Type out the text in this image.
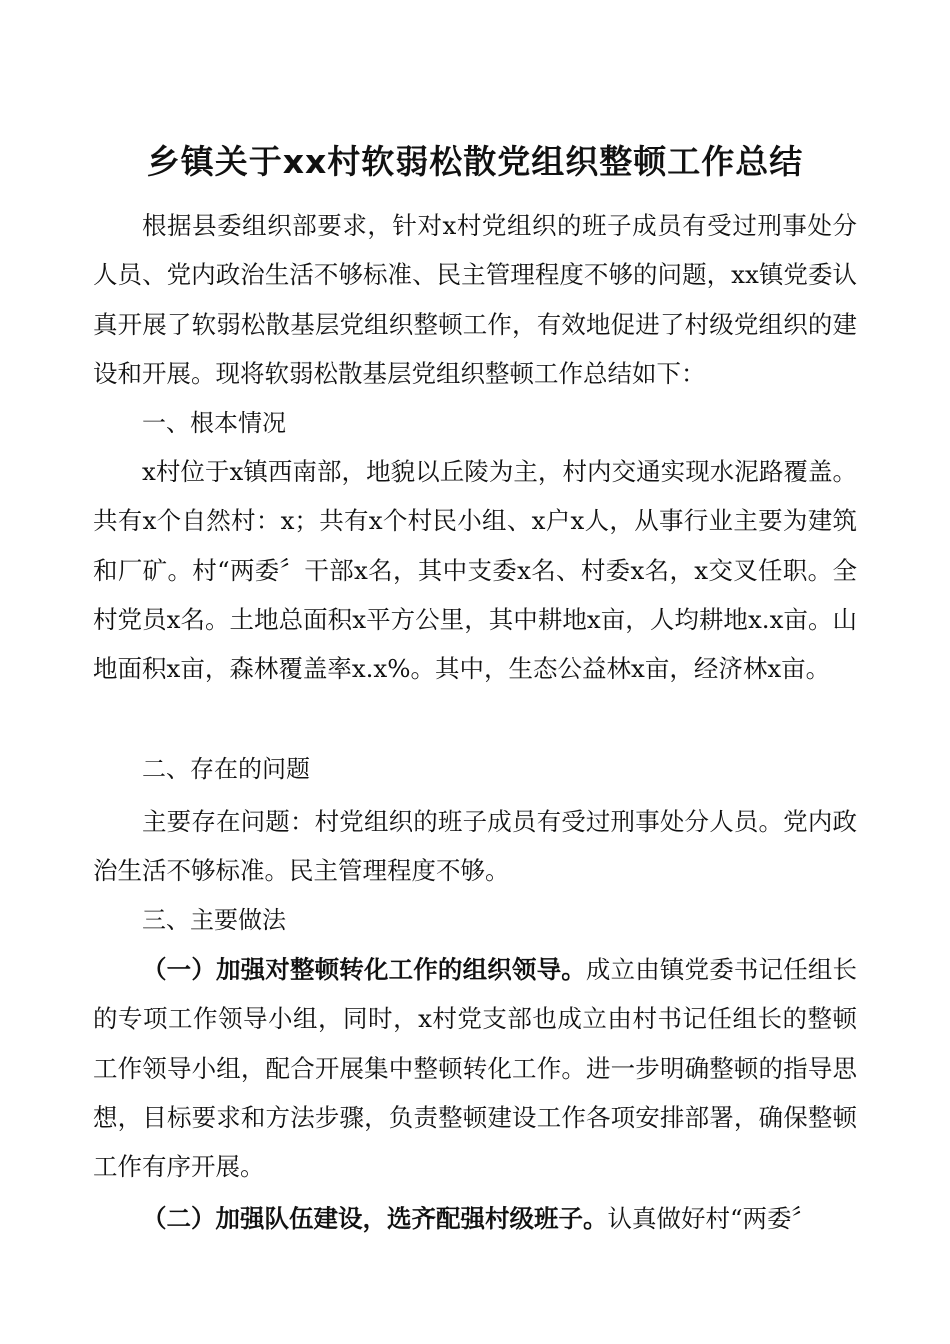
乡镇关于xx村软弱松散党组织整顿工作总结

根据县委组织部要求，针对x村党组织的班子成员有受过刑事处分人员、党内政治生活不够标准、民主管理程度不够的问题，xx镇党委认真开展了软弱松散基层党组织整顿工作，有效地促进了村级党组织的建设和开展。现将软弱松散基层党组织整顿工作总结如下：

一、根本情况

x村位于x镇西南部，地貌以丘陵为主，村内交通实现水泥路覆盖。共有x个自然村：x；共有x个村民小组、x户x人，从事行业主要为建筑和厂矿。村“两委〞干部x名，其中支委x名、村委x名，x交叉任职。全村党员x名。土地总面积x平方公里，其中耕地x亩，人均耕地x.x亩。山地面积x亩，森林覆盖率x.x%。其中，生态公益林x亩，经济林x亩。

二、存在的问题

主要存在问题：村党组织的班子成员有受过刑事处分人员。党内政治生活不够标准。民主管理程度不够。

三、主要做法

（一）加强对整顿转化工作的组织领导。成立由镇党委书记任组长的专项工作领导小组，同时，x村党支部也成立由村书记任组长的整顿工作领导小组，配合开展集中整顿转化工作。进一步明确整顿的指导思想，目标要求和方法步骤，负责整顿建设工作各项安排部署，确保整顿工作有序开展。

（二）加强队伍建设，选齐配强村级班子。认真做好村“两委〞
